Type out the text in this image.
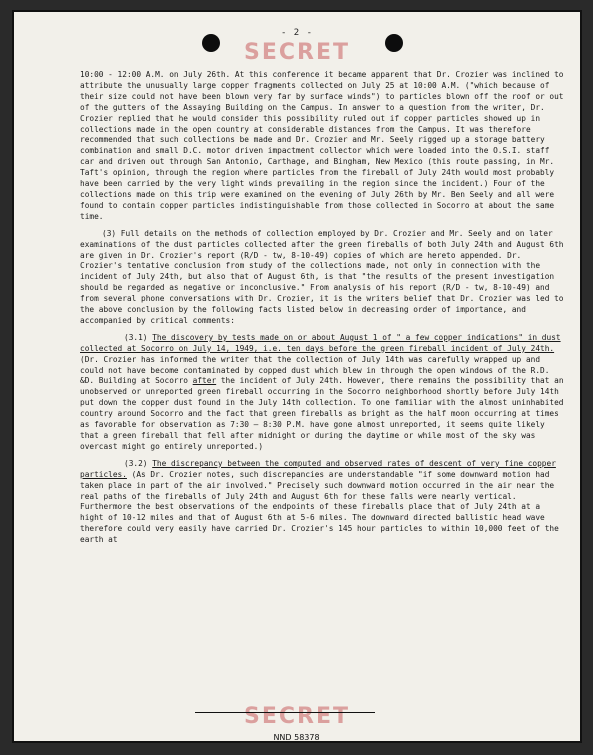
- 2 -
SECRET

10:00 - 12:00 A.M. on July 26th. At this conference it became apparent that Dr. Crozier was inclined to attribute the unusually large copper fragments collected on July 25 at 10:00 A.M. ("which because of their size could not have been blown very far by surface winds") to particles blown off the roof or out of the gutters of the Assaying Building on the Campus. In answer to a question from the writer, Dr. Crozier replied that he would consider this possibility ruled out if copper particles showed up in collections made in the open country at considerable distances from the Campus. It was therefore recommended that such collections be made and Dr. Crozier and Mr. Seely rigged up a storage battery combination and small D.C. motor driven impactment collector which were loaded into the O.S.I. staff car and driven out through San Antonio, Carthage, and Bingham, New Mexico (this route passing, in Mr. Taft's opinion, through the region where particles from the fireball of July 24th would most probably have been carried by the very light winds prevailing in the region since the incident.) Four of the collections made on this trip were examined on the evening of July 26th by Mr. Ben Seely and all were found to contain copper particles indistinguishable from those collected in Socorro at about the same time.

(3) Full details on the methods of collection employed by Dr. Crozier and Mr. Seely and on later examinations of the dust particles collected after the green fireballs of both July 24th and August 6th are given in Dr. Crozier's report (R/D - tw, 8-10-49) copies of which are hereto appended. Dr. Crozier's tentative conclusion from study of the collections made, not only in connection with the incident of July 24th, but also that of August 6th, is that "the results of the present investigation should be regarded as negative or inconclusive." From analysis of his report (R/D - tw, 8-10-49) and from several phone conversations with Dr. Crozier, it is the writers belief that Dr. Crozier was led to the above conclusion by the following facts listed below in decreasing order of importance, and accompanied by critical comments:

(3.1) The discovery by tests made on or about August 1 of " a few copper indications" in dust collected at Socorro on July 14, 1949, i.e. ten days before the green fireball incident of July 24th. (Dr. Crozier has informed the writer that the collection of July 14th was carefully wrapped up and could not have become contaminated by copped dust which blew in through the open windows of the R.D. &D. Building at Socorro after the incident of July 24th. However, there remains the possibility that an unobserved or unreported green fireball occurring in the Socorro neighborhood shortly before July 14th put down the copper dust found in the July 14th collection. To one familiar with the almost uninhabited country around Socorro and the fact that green fireballs as bright as the half moon occurring at times as favorable for observation as 7:30 — 8:30 P.M. have gone almost unreported, it seems quite likely that a green fireball that fell after midnight or during the daytime or while most of the sky was overcast might go entirely unreported.)

(3.2) The discrepancy between the computed and observed rates of descent of very fine copper particles. (As Dr. Crozier notes, such discrepancies are understandable "if some downward motion had taken place in part of the air involved." Precisely such downward motion occurred in the air near the real paths of the fireballs of July 24th and August 6th for these falls were nearly vertical. Furthermore the best observations of the endpoints of these fireballs place that of July 24th at a hight of 10-12 miles and that of August 6th at 5-6 miles. The downward directed ballistic head wave therefore could very easily have carried Dr. Crozier's 145 hour particles to within 10,000 feet of the earth at

SECRET
NND 58378
